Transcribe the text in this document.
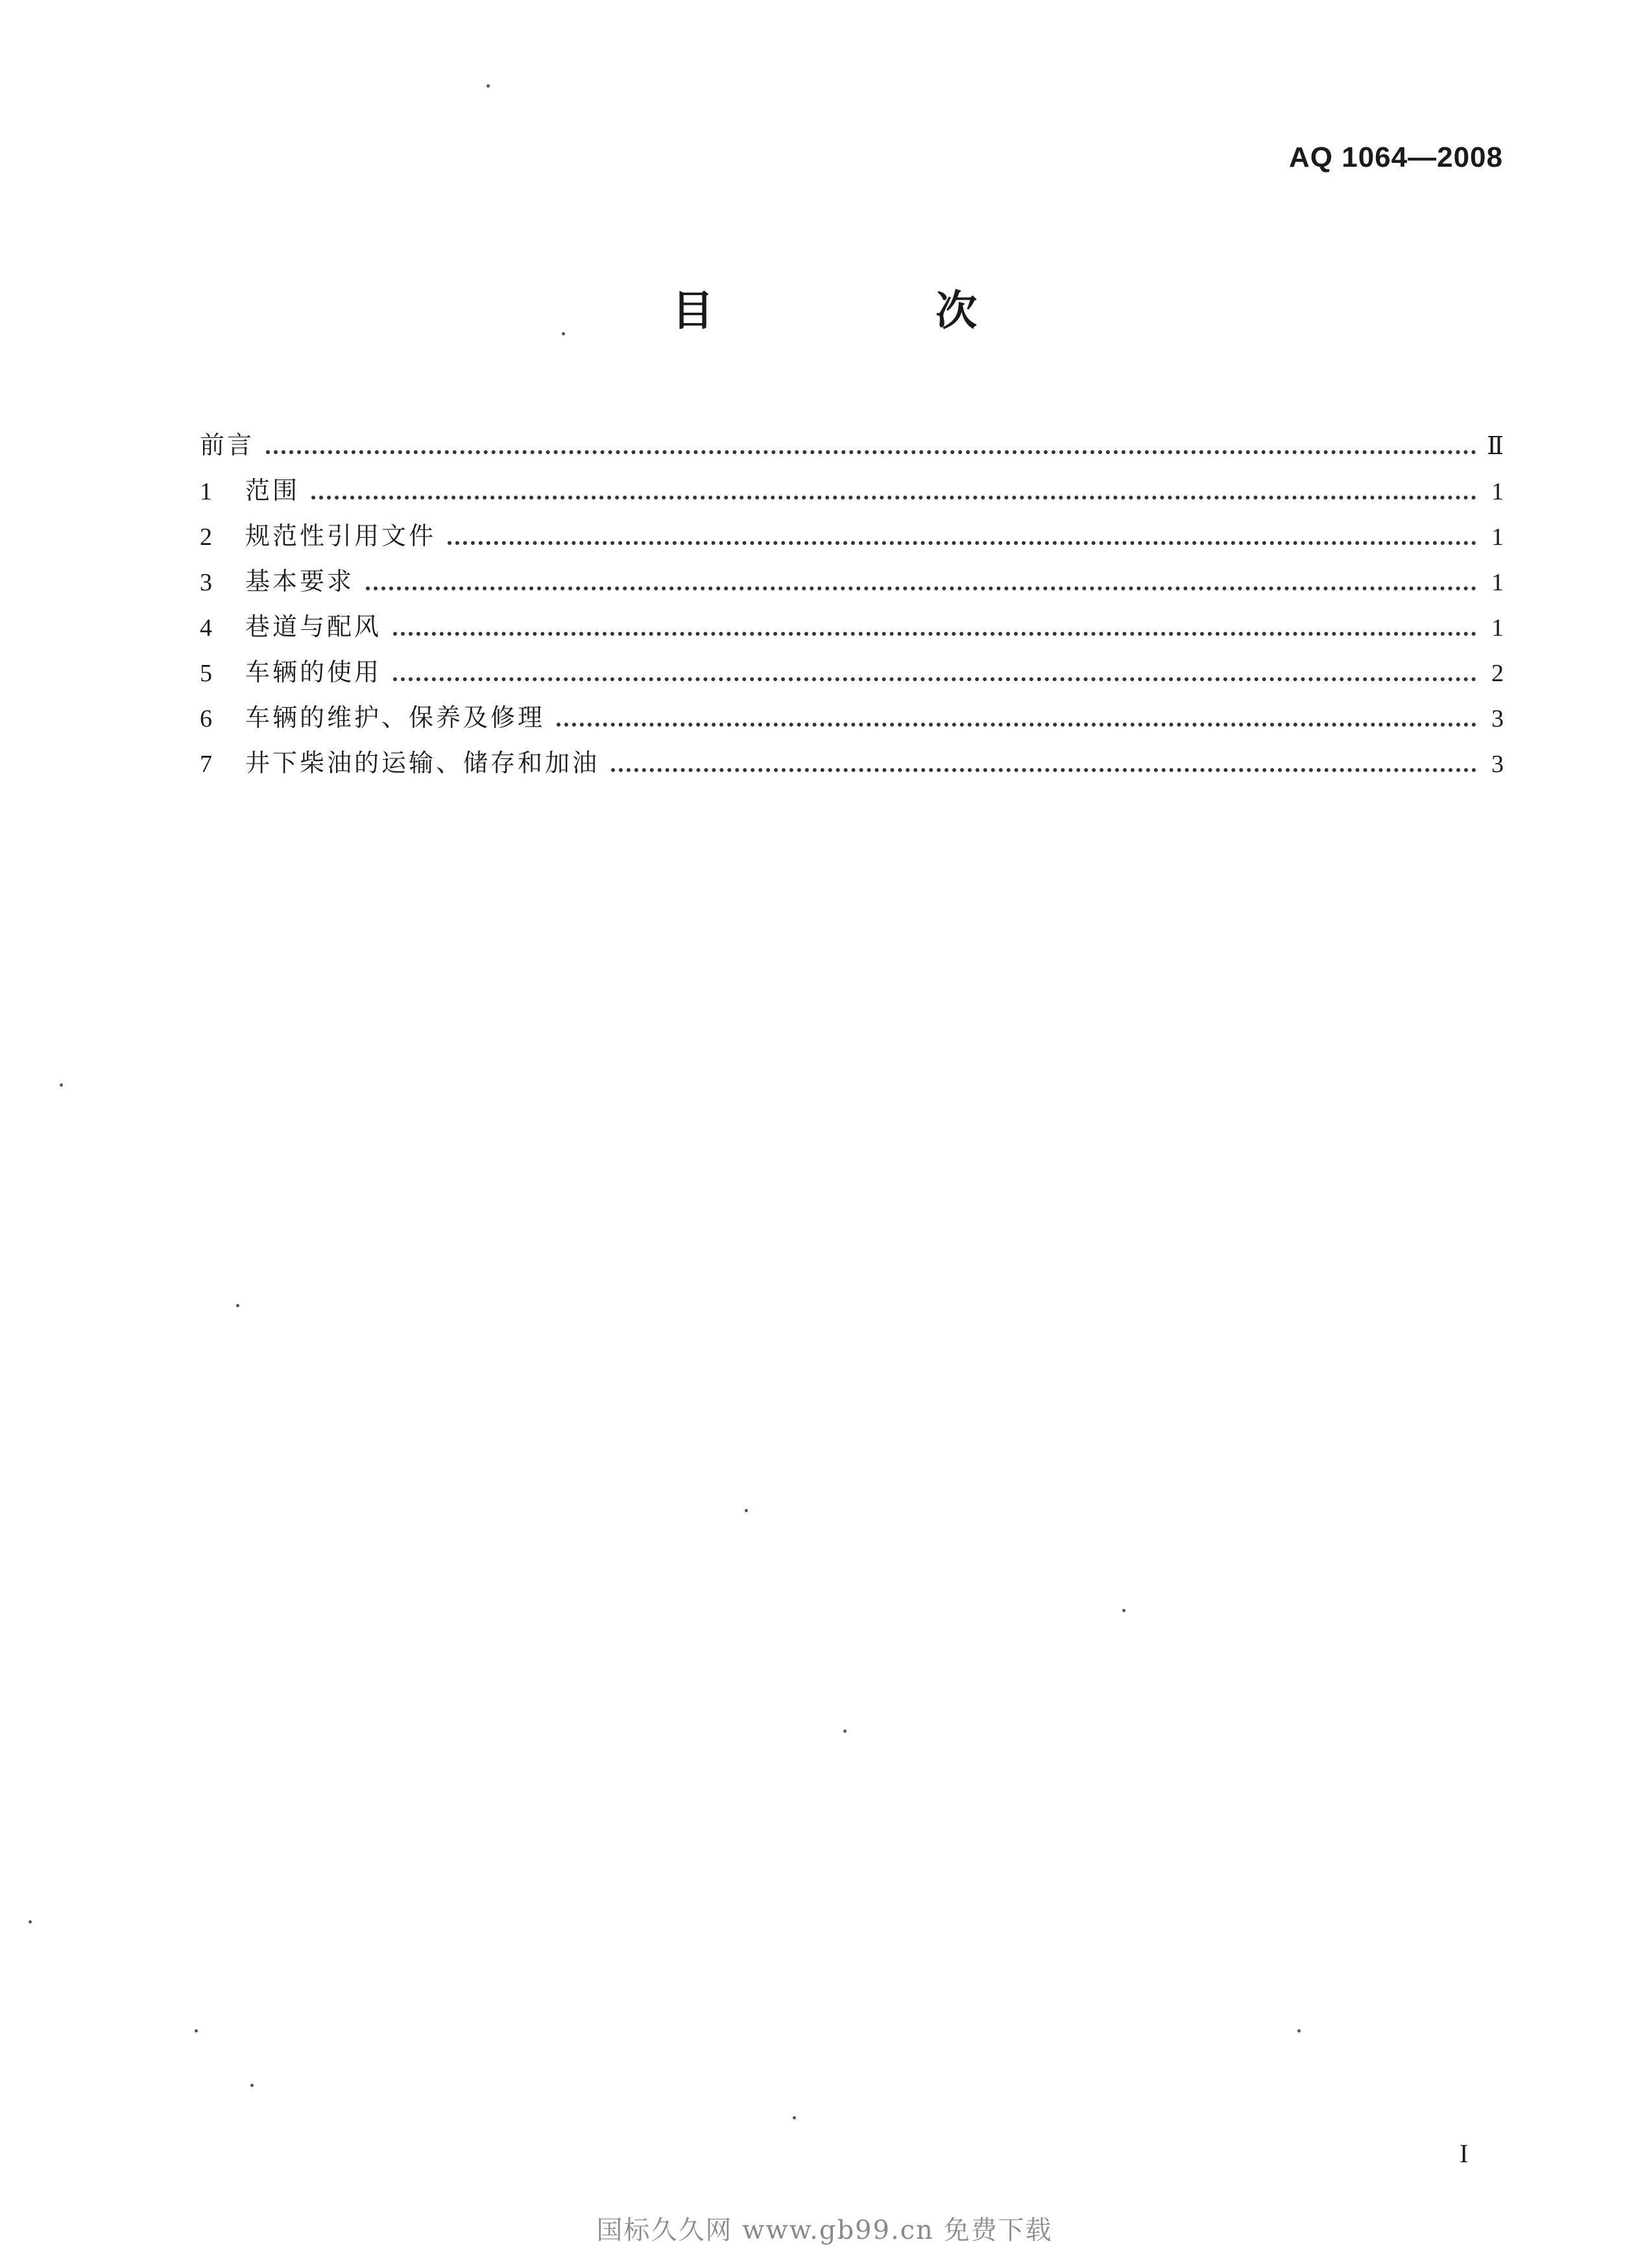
AQ 1064—2008
目 次
前言	Ⅱ
1	范围	1
2	规范性引用文件	1
3	基本要求	1
4	巷道与配风	1
5	车辆的使用	2
6	车辆的维护、保养及修理	3
7	井下柴油的运输、储存和加油	3
I
国标久久网 www.gb99.cn 免费下载
